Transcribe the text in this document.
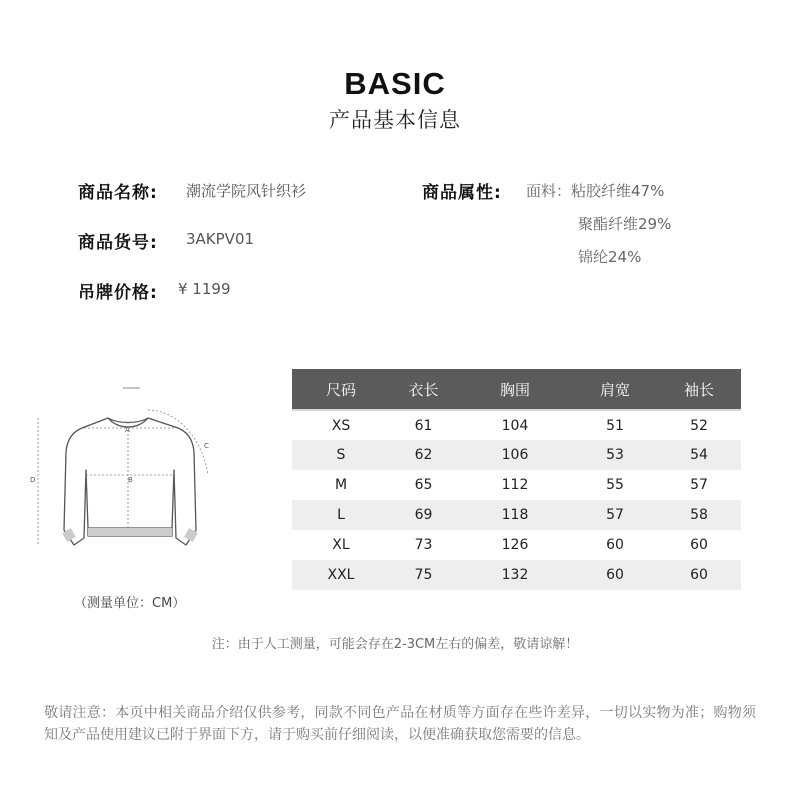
BASIC
产品基本信息
商品名称: 潮流学院风针织衫
商品货号: 3AKPV01
吊牌价格: ¥ 1199
商品属性: 面料：粘胶纤维47%
聚酯纤维29%
锦纶24%
A
B
C
D
（测量单位：CM）
尺码	衣长	胸围	肩宽	袖长
XS	61	104	51	52
S	62	106	53	54
M	65	112	55	57
L	69	118	57	58
XL	73	126	60	60
XXL	75	132	60	60
注：由于人工测量，可能会存在2-3CM左右的偏差，敬请谅解！
敬请注意：本页中相关商品介绍仅供参考，同款不同色产品在材质等方面存在些许差异，一切以实物为准；购物须知及产品使用建议已附于界面下方，请于购买前仔细阅读，以便准确获取您需要的信息。
